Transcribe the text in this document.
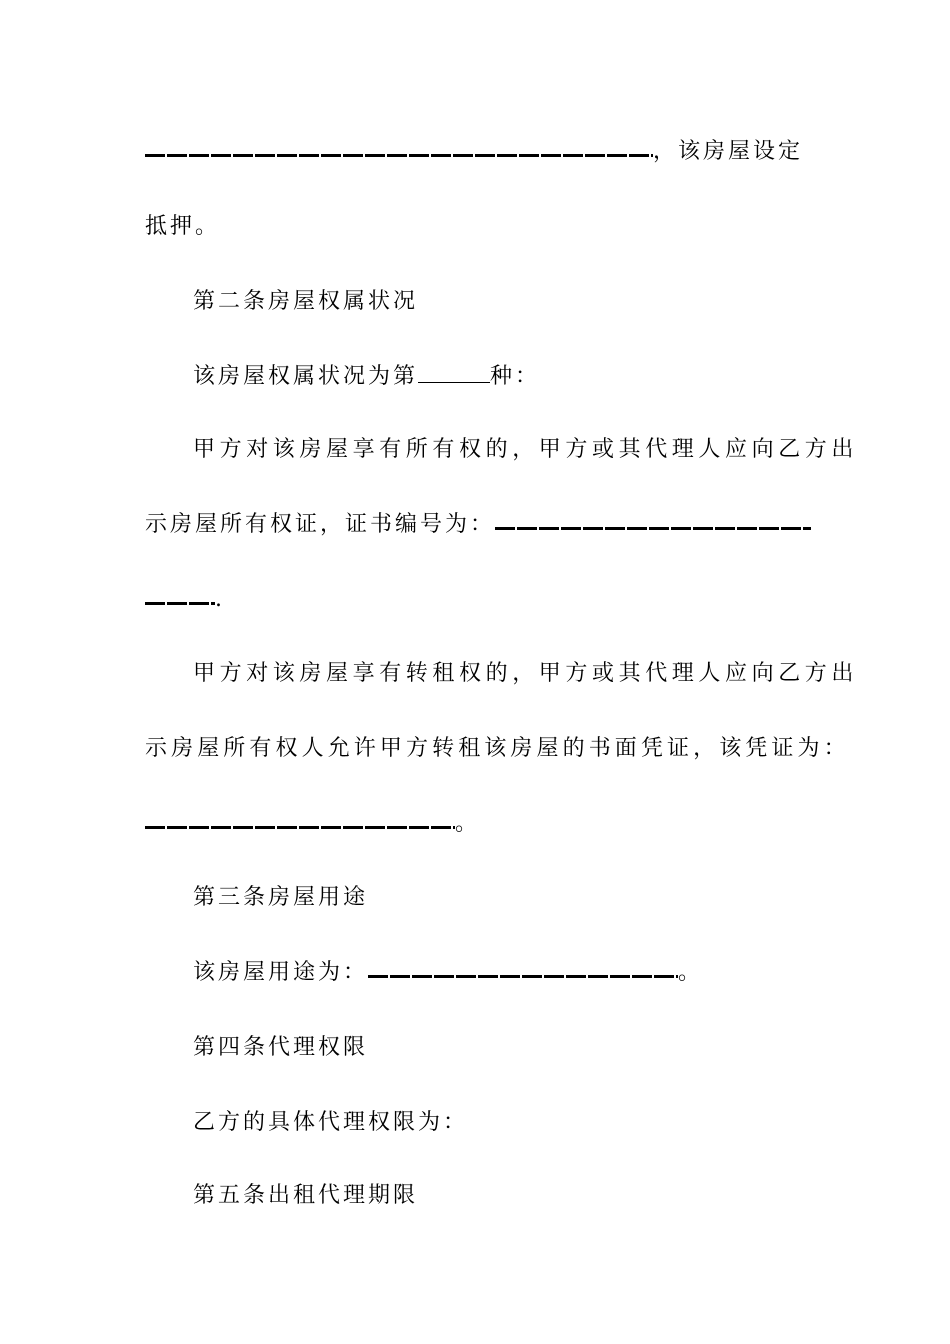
，该房屋设定
抵押。
第二条房屋权属状况
该房屋权属状况为第	种：
甲方对该房屋享有所有权的，甲方或其代理人应向乙方出
示房屋所有权证，证书编号为：
.
甲方对该房屋享有转租权的，甲方或其代理人应向乙方出
示房屋所有权人允许甲方转租该房屋的书面凭证，该凭证为：
。
第三条房屋用途
该房屋用途为：	。
第四条代理权限
乙方的具体代理权限为：
第五条出租代理期限
